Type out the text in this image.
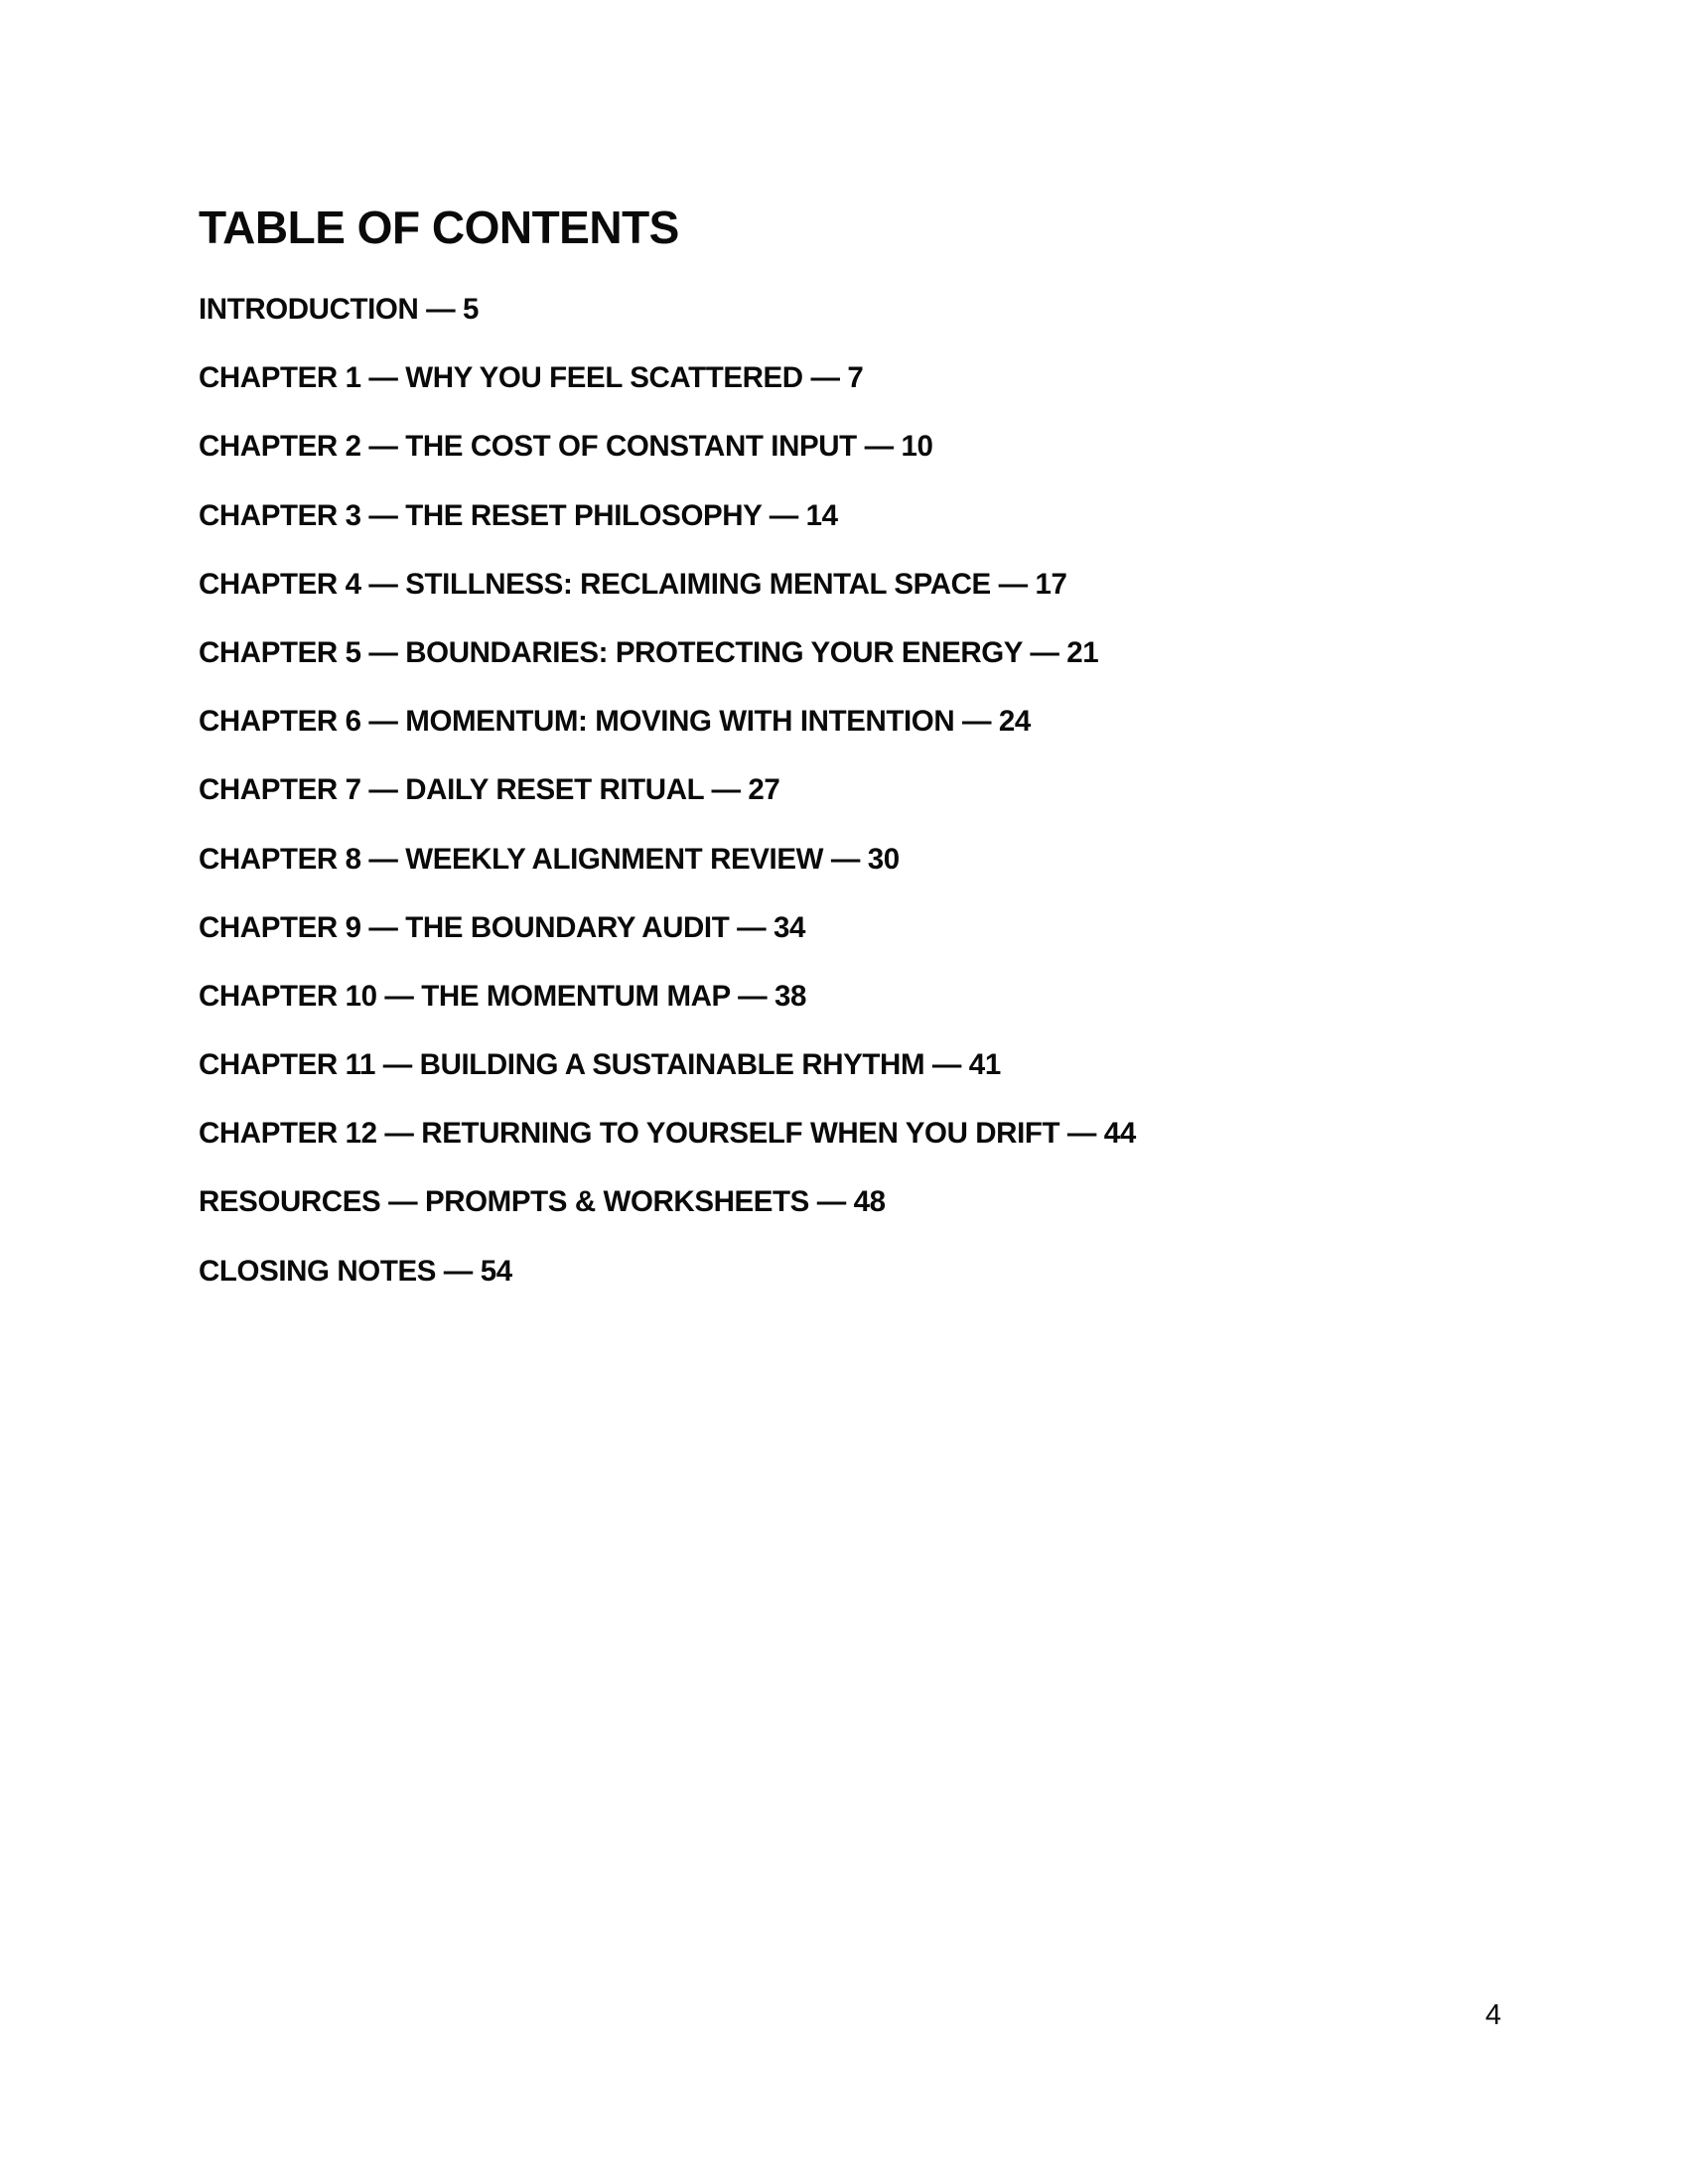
TABLE OF CONTENTS
INTRODUCTION — 5
CHAPTER 1 — WHY YOU FEEL SCATTERED — 7
CHAPTER 2 — THE COST OF CONSTANT INPUT — 10
CHAPTER 3 — THE RESET PHILOSOPHY — 14
CHAPTER 4 — STILLNESS: RECLAIMING MENTAL SPACE — 17
CHAPTER 5 — BOUNDARIES: PROTECTING YOUR ENERGY — 21
CHAPTER 6 — MOMENTUM: MOVING WITH INTENTION — 24
CHAPTER 7 — DAILY RESET RITUAL — 27
CHAPTER 8 — WEEKLY ALIGNMENT REVIEW — 30
CHAPTER 9 — THE BOUNDARY AUDIT — 34
CHAPTER 10 — THE MOMENTUM MAP — 38
CHAPTER 11 — BUILDING A SUSTAINABLE RHYTHM — 41
CHAPTER 12 — RETURNING TO YOURSELF WHEN YOU DRIFT — 44
RESOURCES — PROMPTS & WORKSHEETS — 48
CLOSING NOTES — 54
4
